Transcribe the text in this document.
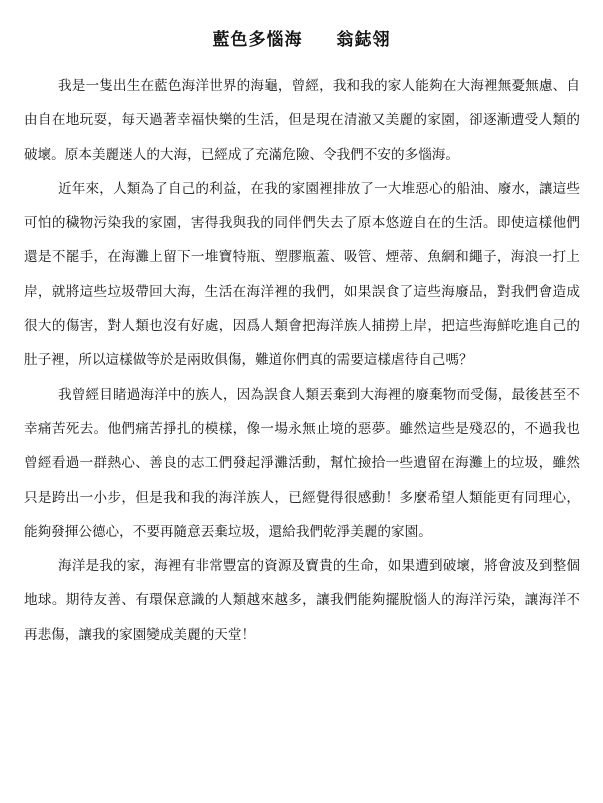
藍色多惱海 翁鋕翎

我是一隻出生在藍色海洋世界的海龜，曾經，我和我的家人能夠在大海裡無憂無慮、自由自在地玩耍，每天過著幸福快樂的生活，但是現在清澈又美麗的家園，卻逐漸遭受人類的破壞。原本美麗迷人的大海，已經成了充滿危險、令我們不安的多惱海。

近年來，人類為了自己的利益，在我的家園裡排放了一大堆惡心的船油、廢水，讓這些可怕的穢物污染我的家園，害得我與我的同伴們失去了原本悠遊自在的生活。即使這樣他們還是不罷手，在海灘上留下一堆寶特瓶、塑膠瓶蓋、吸管、煙蒂、魚網和繩子，海浪一打上岸，就將這些垃圾帶回大海，生活在海洋裡的我們，如果誤食了這些海廢品，對我們會造成很大的傷害，對人類也沒有好處，因爲人類會把海洋族人捕撈上岸，把這些海鮮吃進自己的肚子裡，所以這樣做等於是兩敗俱傷，難道你們真的需要這樣虐待自己嗎？

我曾經目睹過海洋中的族人，因為誤食人類丟棄到大海裡的廢棄物而受傷，最後甚至不幸痛苦死去。他們痛苦掙扎的模樣，像一場永無止境的惡夢。雖然這些是殘忍的，不過我也曾經看過一群熱心、善良的志工們發起淨灘活動，幫忙撿拾一些遺留在海灘上的垃圾，雖然只是跨出一小步，但是我和我的海洋族人，已經覺得很感動！多麼希望人類能更有同理心，能夠發揮公德心，不要再隨意丟棄垃圾，還給我們乾淨美麗的家園。

海洋是我的家，海裡有非常豐富的資源及寶貴的生命，如果遭到破壞，將會波及到整個地球。期待友善、有環保意識的人類越來越多，讓我們能夠擺脫惱人的海洋污染，讓海洋不再悲傷，讓我的家園變成美麗的天堂！
